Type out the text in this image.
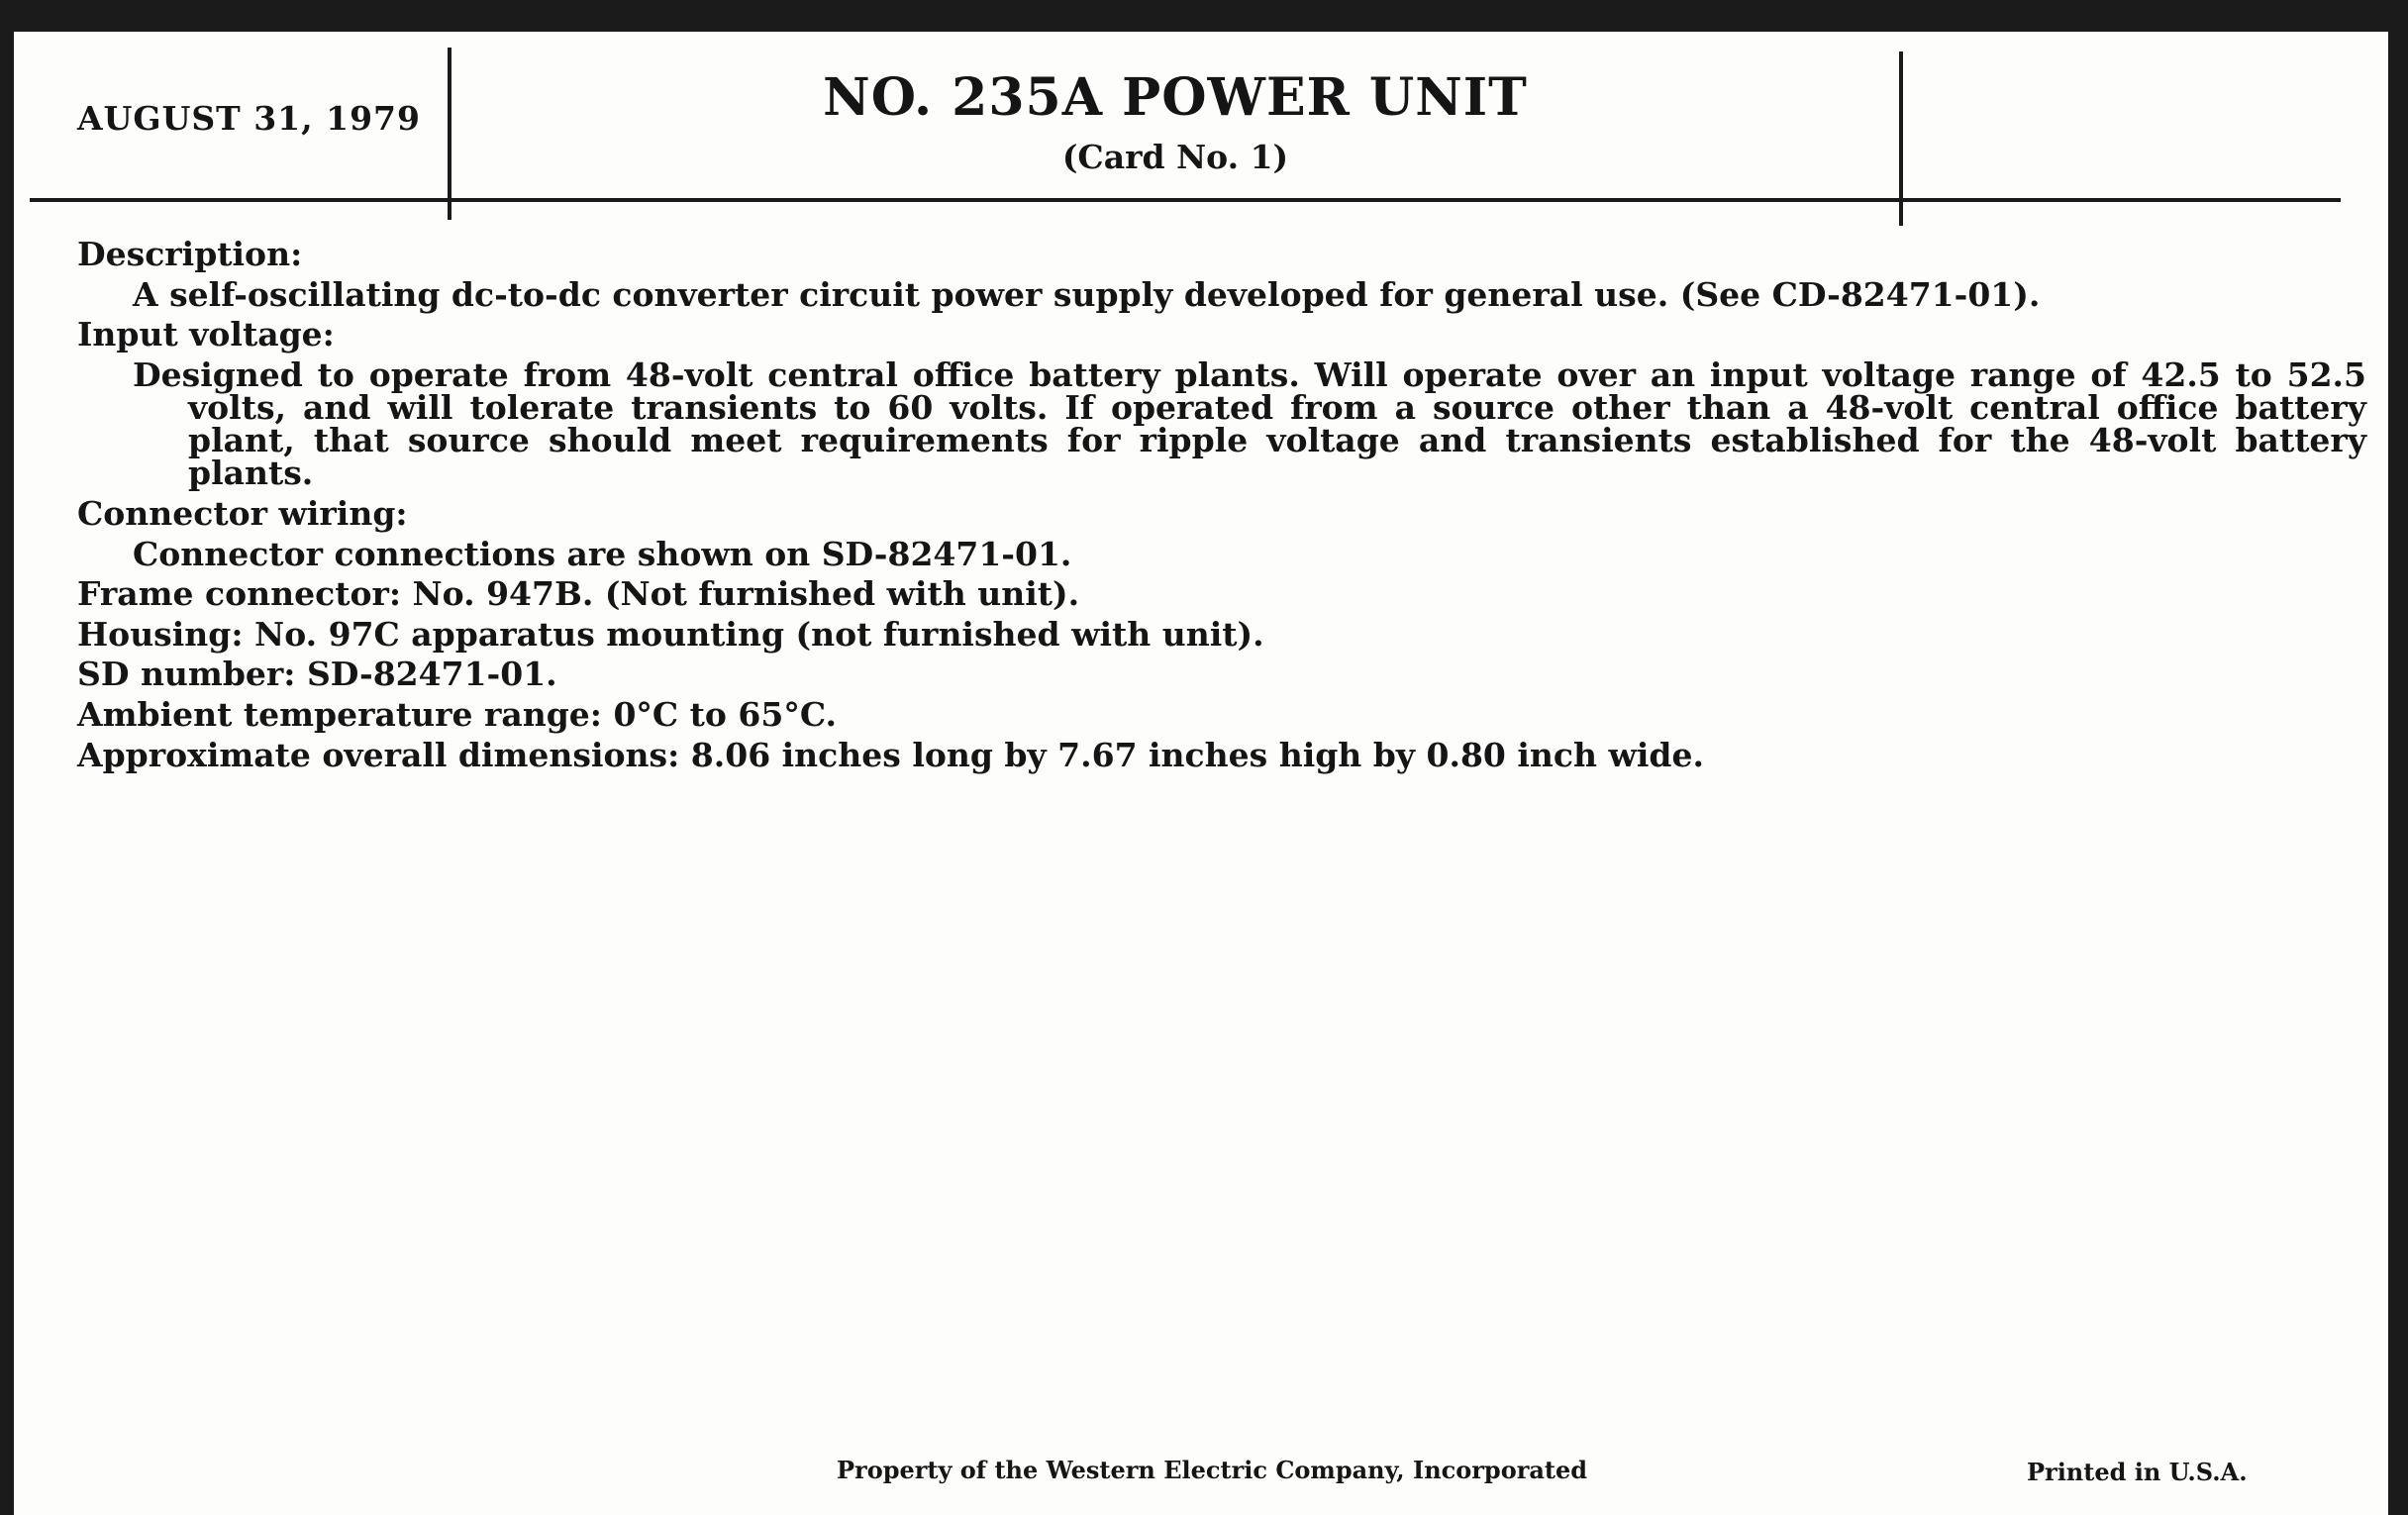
AUGUST 31, 1979	NO. 235A POWER UNIT
(Card No. 1)
Description:
A self-oscillating dc-to-dc converter circuit power supply developed for general use. (See CD-82471-01).
Input voltage:
Designed to operate from 48-volt central office battery plants. Will operate over an input voltage range of 42.5 to 52.5 volts, and will tolerate transients to 60 volts. If operated from a source other than a 48-volt central office battery plant, that source should meet requirements for ripple voltage and transients established for the 48-volt battery plants.
Connector wiring:
Connector connections are shown on SD-82471-01.
Frame connector: No. 947B. (Not furnished with unit).
Housing: No. 97C apparatus mounting (not furnished with unit).
SD number: SD-82471-01.
Ambient temperature range: 0°C to 65°C.
Approximate overall dimensions: 8.06 inches long by 7.67 inches high by 0.80 inch wide.
Property of the Western Electric Company, Incorporated	Printed in U.S.A.
